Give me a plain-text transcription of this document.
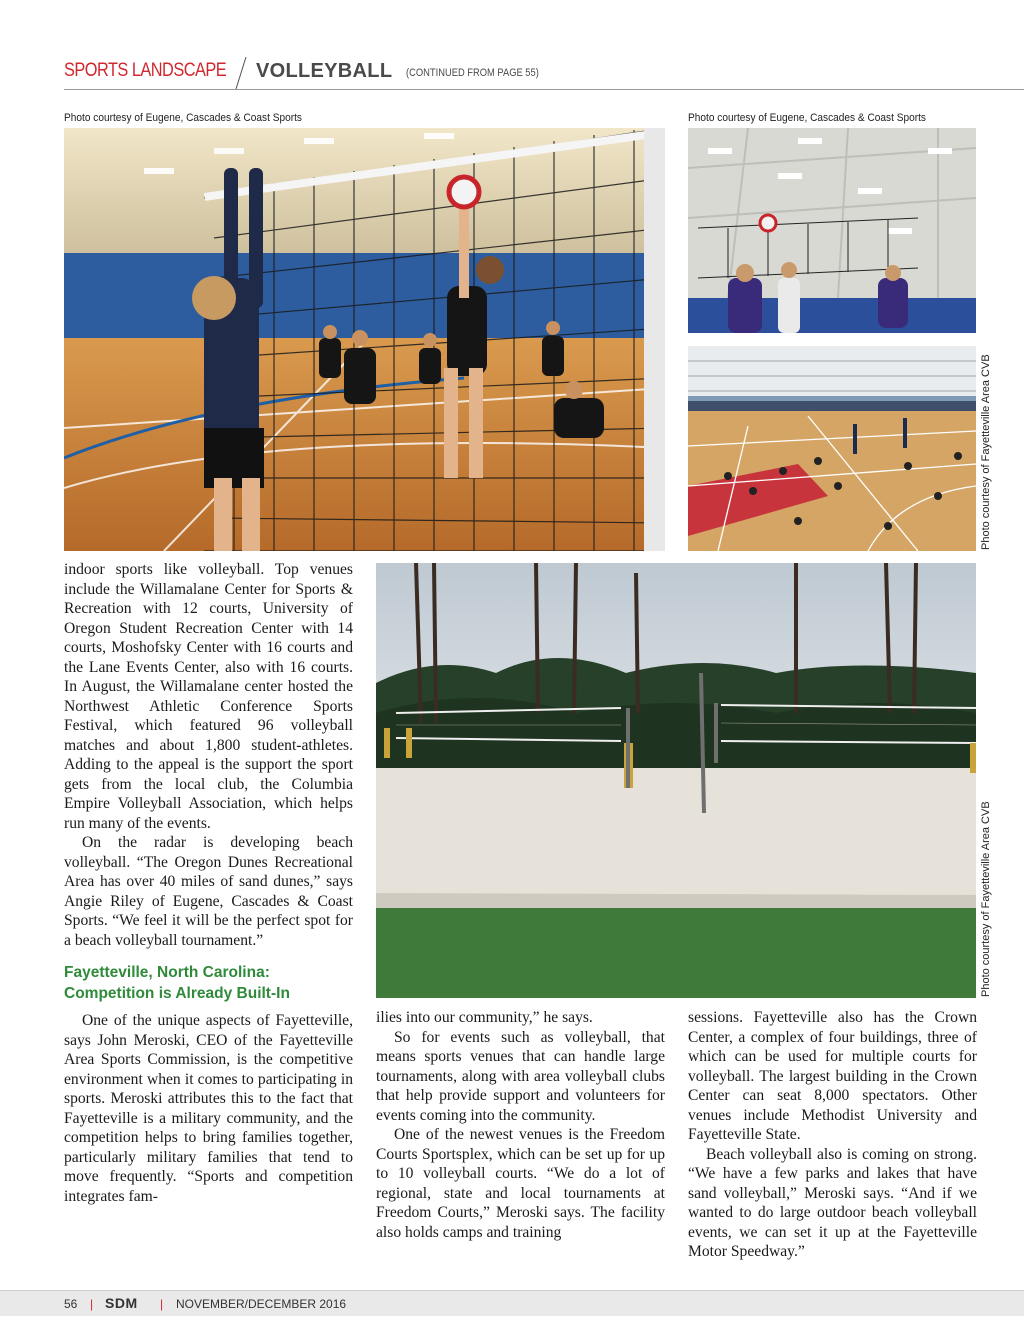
SPORTS LANDSCAPE VOLLEYBALL (CONTINUED FROM PAGE 55)
Photo courtesy of Eugene, Cascades & Coast Sports	Photo courtesy of Eugene, Cascades & Coast Sports
Photo courtesy of Fayetteville Area CVB
Photo courtesy of Fayetteville Area CVB

indoor sports like volleyball. Top venues include the Willamalane Center for Sports & Recreation with 12 courts, University of Oregon Student Recreation Center with 14 courts, Moshofsky Center with 16 courts and the Lane Events Center, also with 16 courts. In August, the Willamalane center hosted the Northwest Athletic Conference Sports Festival, which featured 96 volleyball matches and about 1,800 student-athletes. Adding to the appeal is the support the sport gets from the local club, the Columbia Empire Volleyball Association, which helps run many of the events.

On the radar is developing beach volleyball. “The Oregon Dunes Recreational Area has over 40 miles of sand dunes,” says Angie Riley of Eugene, Cascades & Coast Sports. “We feel it will be the perfect spot for a beach volleyball tournament.”

Fayetteville, North Carolina: Competition is Already Built-In

One of the unique aspects of Fayetteville, says John Meroski, CEO of the Fayetteville Area Sports Commission, is the competitive environment when it comes to participating in sports. Meroski attributes this to the fact that Fayetteville is a military community, and the competition helps to bring families together, particularly military families that tend to move frequently. “Sports and competition integrates fam-

ilies into our community,” he says.

So for events such as volleyball, that means sports venues that can handle large tournaments, along with area volleyball clubs that help provide support and volunteers for events coming into the community.

One of the newest venues is the Freedom Courts Sportsplex, which can be set up for up to 10 volleyball courts. “We do a lot of regional, state and local tournaments at Freedom Courts,” Meroski says. The facility also holds camps and training

sessions. Fayetteville also has the Crown Center, a complex of four buildings, three of which can be used for multiple courts for volleyball. The largest building in the Crown Center can seat 8,000 spectators. Other venues include Methodist University and Fayetteville State.

Beach volleyball also is coming on strong. “We have a few parks and lakes that have sand volleyball,” Meroski says. “And if we wanted to do large outdoor beach volleyball events, we can set it up at the Fayetteville Motor Speedway.”

56 | SDM | NOVEMBER/DECEMBER 2016
